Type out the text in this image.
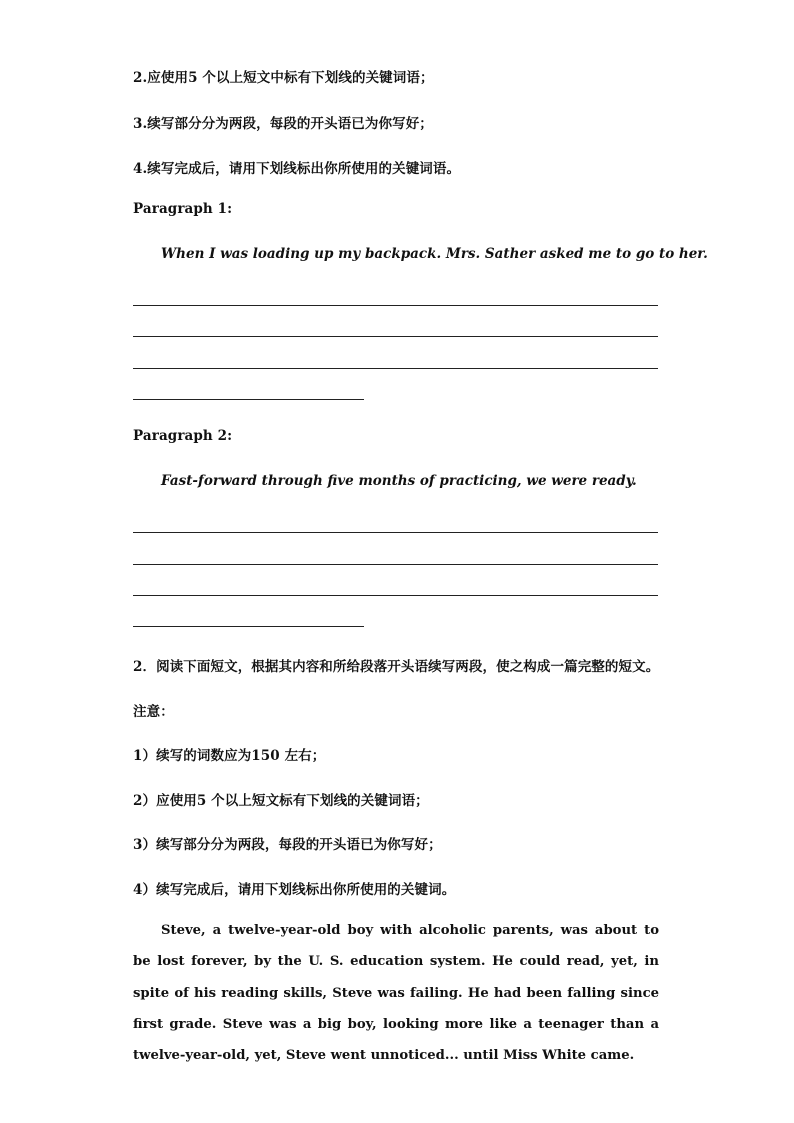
2.应使用5 个以上短文中标有下划线的关键词语；
3.续写部分分为两段，每段的开头语已为你写好；
4.续写完成后，请用下划线标出你所使用的关键词语。
Paragraph 1:
When I was loading up my backpack. Mrs. Sather asked me to go to her.
Paragraph 2:
Fast-forward through five months of practicing, we were ready.
2．阅读下面短文，根据其内容和所给段落开头语续写两段，使之构成一篇完整的短文。
注意：
1）续写的词数应为150 左右；
2）应使用5 个以上短文标有下划线的关键词语；
3）续写部分分为两段，每段的开头语已为你写好；
4）续写完成后，请用下划线标出你所使用的关键词。
Steve, a twelve-year-old boy with alcoholic parents, was about to be lost forever, by the U. S. education system. He could read, yet, in spite of his reading skills, Steve was failing. He had been falling since first grade. Steve was a big boy, looking more like a teenager than a twelve-year-old, yet, Steve went unnoticed... until Miss White came.
